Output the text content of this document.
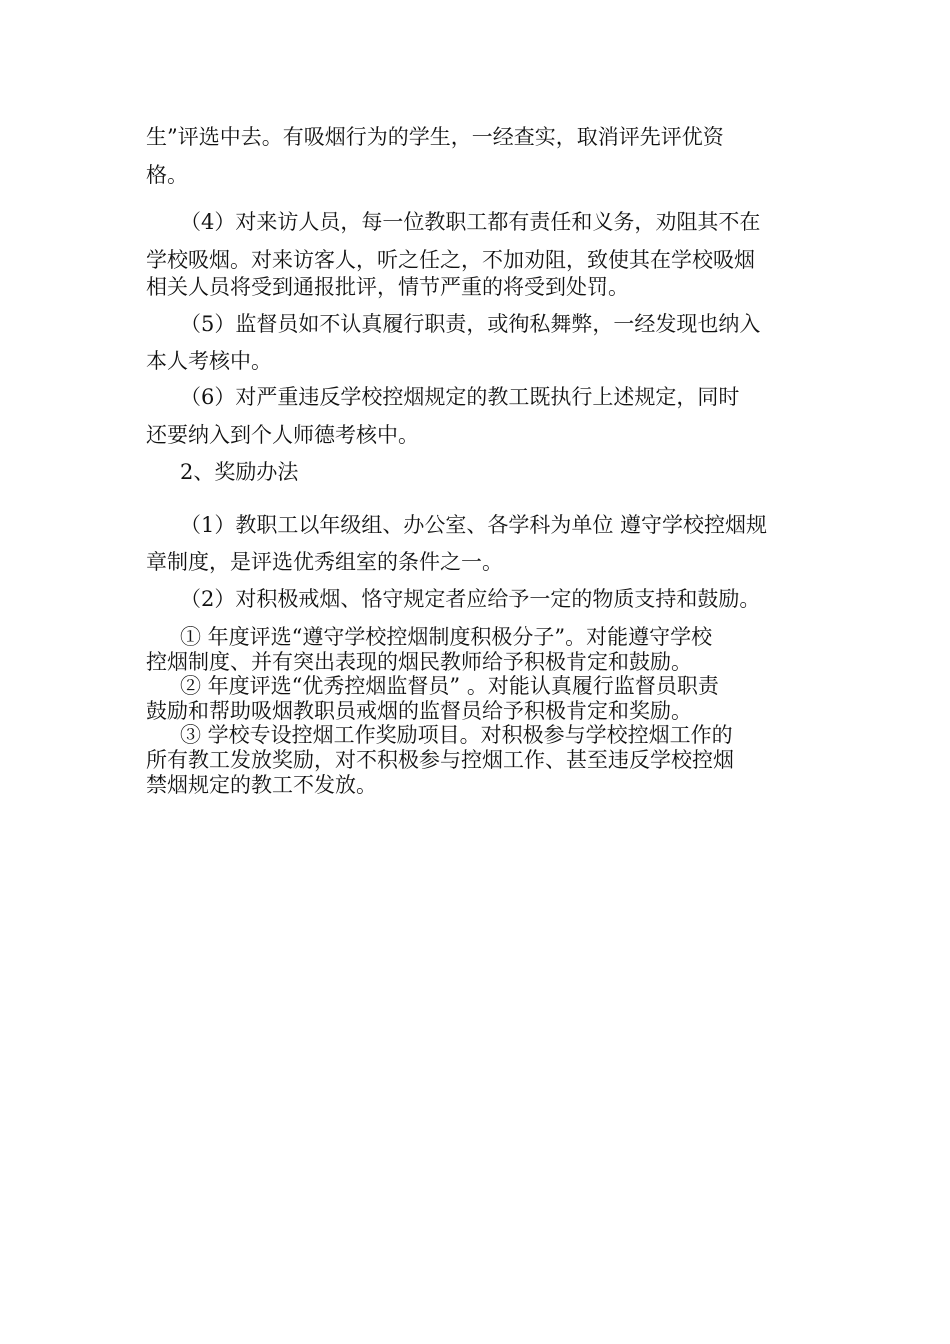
生”评选中去。有吸烟行为的学生，一经查实，取消评先评优资
格。
（4）对来访人员，每一位教职工都有责任和义务，劝阻其不在
学校吸烟。对来访客人，听之任之，不加劝阻，致使其在学校吸烟
相关人员将受到通报批评，情节严重的将受到处罚。
（5）监督员如不认真履行职责，或徇私舞弊，一经发现也纳入
本人考核中。
（6）对严重违反学校控烟规定的教工既执行上述规定，同时
还要纳入到个人师德考核中。
2、奖励办法
（1）教职工以年级组、办公室、各学科为单位 遵守学校控烟规
章制度，是评选优秀组室的条件之一。
（2）对积极戒烟、恪守规定者应给予一定的物质支持和鼓励。
① 年度评选“遵守学校控烟制度积极分子”。对能遵守学校
控烟制度、并有突出表现的烟民教师给予积极肯定和鼓励。
② 年度评选“优秀控烟监督员” 。对能认真履行监督员职责
鼓励和帮助吸烟教职员戒烟的监督员给予积极肯定和奖励。
③ 学校专设控烟工作奖励项目。对积极参与学校控烟工作的
所有教工发放奖励，对不积极参与控烟工作、甚至违反学校控烟
禁烟规定的教工不发放。
